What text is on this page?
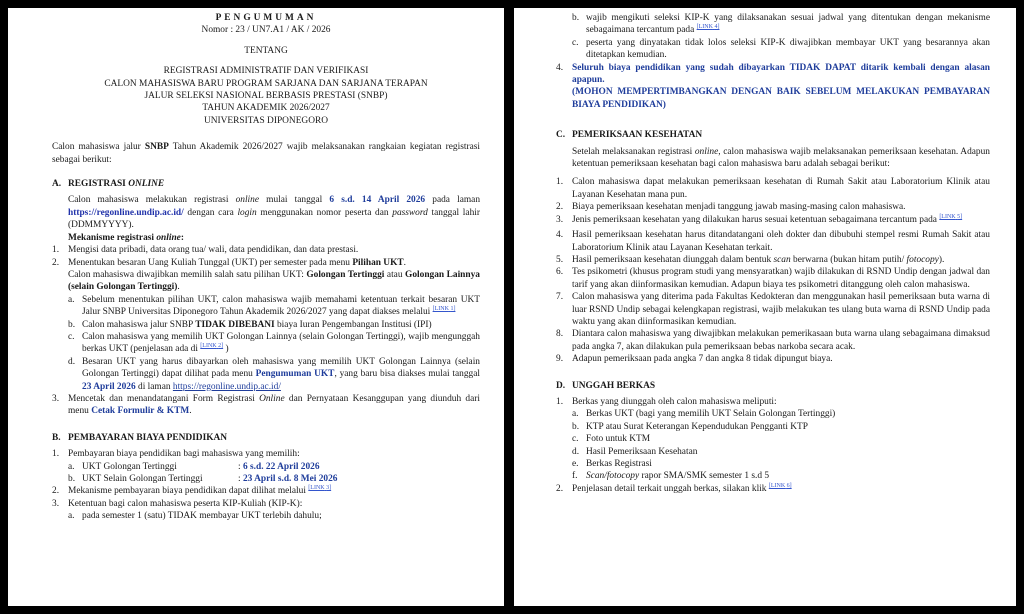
PENGUMUMAN
Nomor : 23 / UN7.A1 / AK / 2026
TENTANG
REGISTRASI ADMINISTRATIF DAN VERIFIKASI
CALON MAHASISWA BARU PROGRAM SARJANA DAN SARJANA TERAPAN
JALUR SELEKSI NASIONAL BERBASIS PRESTASI (SNBP)
TAHUN AKADEMIK 2026/2027
UNIVERSITAS DIPONEGORO
Calon mahasiswa jalur SNBP Tahun Akademik 2026/2027 wajib melaksanakan rangkaian kegiatan registrasi sebagai berikut:
A. REGISTRASI ONLINE
Calon mahasiswa melakukan registrasi online mulai tanggal 6 s.d. 14 April 2026 pada laman https://regonline.undip.ac.id/ dengan cara login menggunakan nomor peserta dan password tanggal lahir (DDMMYYYY).
Mekanisme registrasi online:
1. Mengisi data pribadi, data orang tua/ wali, data pendidikan, dan data prestasi.
2. Menentukan besaran Uang Kuliah Tunggal (UKT) per semester pada menu Pilihan UKT.
Calon mahasiswa diwajibkan memilih salah satu pilihan UKT: Golongan Tertinggi atau Golongan Lainnya (selain Golongan Tertinggi).
a. Sebelum menentukan pilihan UKT, calon mahasiswa wajib memahami ketentuan terkait besaran UKT Jalur SNBP Universitas Diponegoro Tahun Akademik 2026/2027 yang dapat diakses melalui [LINK 1]
b. Calon mahasiswa jalur SNBP TIDAK DIBEBANI biaya Iuran Pengembangan Institusi (IPI)
c. Calon mahasiswa yang memilih UKT Golongan Lainnya (selain Golongan Tertinggi), wajib mengunggah berkas UKT (penjelasan ada di [LINK 2] )
d. Besaran UKT yang harus dibayarkan oleh mahasiswa yang memilih UKT Golongan Lainnya (selain Golongan Tertinggi) dapat dilihat pada menu Pengumuman UKT, yang baru bisa diakses mulai tanggal 23 April 2026 di laman https://regonline.undip.ac.id/
3. Mencetak dan menandatangani Form Registrasi Online dan Pernyataan Kesanggupan yang diunduh dari menu Cetak Formulir & KTM.
B. PEMBAYARAN BIAYA PENDIDIKAN
1. Pembayaran biaya pendidikan bagi mahasiswa yang memilih:
a. UKT Golongan Tertinggi	: 6 s.d. 22 April 2026
b. UKT Selain Golongan Tertinggi	: 23 April s.d. 8 Mei 2026
2. Mekanisme pembayaran biaya pendidikan dapat dilihat melalui [LINK 3]
3. Ketentuan bagi calon mahasiswa peserta KIP-Kuliah (KIP-K):
a. pada semester 1 (satu) TIDAK membayar UKT terlebih dahulu;
b. wajib mengikuti seleksi KIP-K yang dilaksanakan sesuai jadwal yang ditentukan dengan mekanisme sebagaimana tercantum pada [LINK 4]
c. peserta yang dinyatakan tidak lolos seleksi KIP-K diwajibkan membayar UKT yang besarannya akan ditetapkan kemudian.
4. Seluruh biaya pendidikan yang sudah dibayarkan TIDAK DAPAT ditarik kembali dengan alasan apapun.
(MOHON MEMPERTIMBANGKAN DENGAN BAIK SEBELUM MELAKUKAN PEMBAYARAN BIAYA PENDIDIKAN)
C. PEMERIKSAAN KESEHATAN
Setelah melaksanakan registrasi online, calon mahasiswa wajib melaksanakan pemeriksaan kesehatan. Adapun ketentuan pemeriksaan kesehatan bagi calon mahasiswa baru adalah sebagai berikut:
1. Calon mahasiswa dapat melakukan pemeriksaan kesehatan di Rumah Sakit atau Laboratorium Klinik atau Layanan Kesehatan mana pun.
2. Biaya pemeriksaan kesehatan menjadi tanggung jawab masing-masing calon mahasiswa.
3. Jenis pemeriksaan kesehatan yang dilakukan harus sesuai ketentuan sebagaimana tercantum pada [LINK 5]
4. Hasil pemeriksaan kesehatan harus ditandatangani oleh dokter dan dibubuhi stempel resmi Rumah Sakit atau Laboratorium Klinik atau Layanan Kesehatan terkait.
5. Hasil pemeriksaan kesehatan diunggah dalam bentuk scan berwarna (bukan hitam putih/ fotocopy).
6. Tes psikometri (khusus program studi yang mensyaratkan) wajib dilakukan di RSND Undip dengan jadwal dan tarif yang akan diinformasikan kemudian. Adapun biaya tes psikometri ditanggung oleh calon mahasiswa.
7. Calon mahasiswa yang diterima pada Fakultas Kedokteran dan menggunakan hasil pemeriksaan buta warna di luar RSND Undip sebagai kelengkapan registrasi, wajib melakukan tes ulang buta warna di RSND Undip pada waktu yang akan diinformasikan kemudian.
8. Diantara calon mahasiswa yang diwajibkan melakukan pemerikasaan buta warna ulang sebagaimana dimaksud pada angka 7, akan dilakukan pula pemeriksaan bebas narkoba secara acak.
9. Adapun pemeriksaan pada angka 7 dan angka 8 tidak dipungut biaya.
D. UNGGAH BERKAS
1. Berkas yang diunggah oleh calon mahasiswa meliputi:
a. Berkas UKT (bagi yang memilih UKT Selain Golongan Tertinggi)
b. KTP atau Surat Keterangan Kependudukan Pengganti KTP
c. Foto untuk KTM
d. Hasil Pemeriksaan Kesehatan
e. Berkas Registrasi
f. Scan/fotocopy rapor SMA/SMK semester 1 s.d 5
2. Penjelasan detail terkait unggah berkas, silakan klik [LINK 6]
